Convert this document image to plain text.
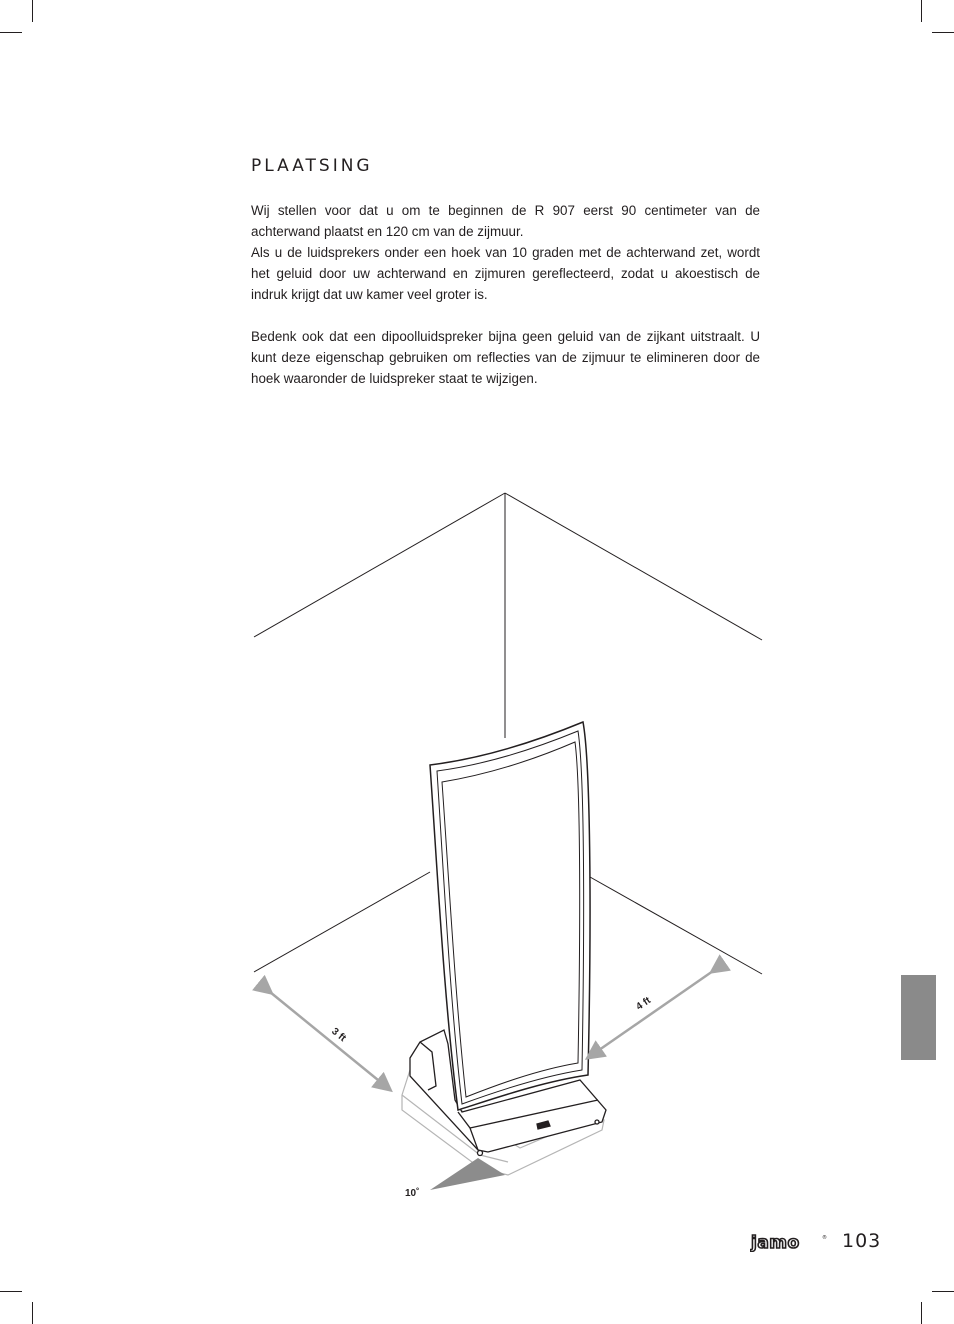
PLAATSING

Wij stellen voor dat u om te beginnen de R 907 eerst 90 centimeter van de achterwand plaatst en 120 cm van de zijmuur.

Als u de luidsprekers onder een hoek van 10 graden met de achterwand zet, wordt het geluid door uw achterwand en zijmuren gereflecteerd, zodat u akoestisch de indruk krijgt dat uw kamer veel groter is.

Bedenk ook dat een dipoolluidspreker bijna geen geluid van de zijkant uitstraalt. U kunt deze eigenschap gebruiken om reflecties van de zijmuur te elimineren door de hoek waaronder de luidspreker staat te wijzigen.

3 ft
4 ft
10˚
jamo	® 103
